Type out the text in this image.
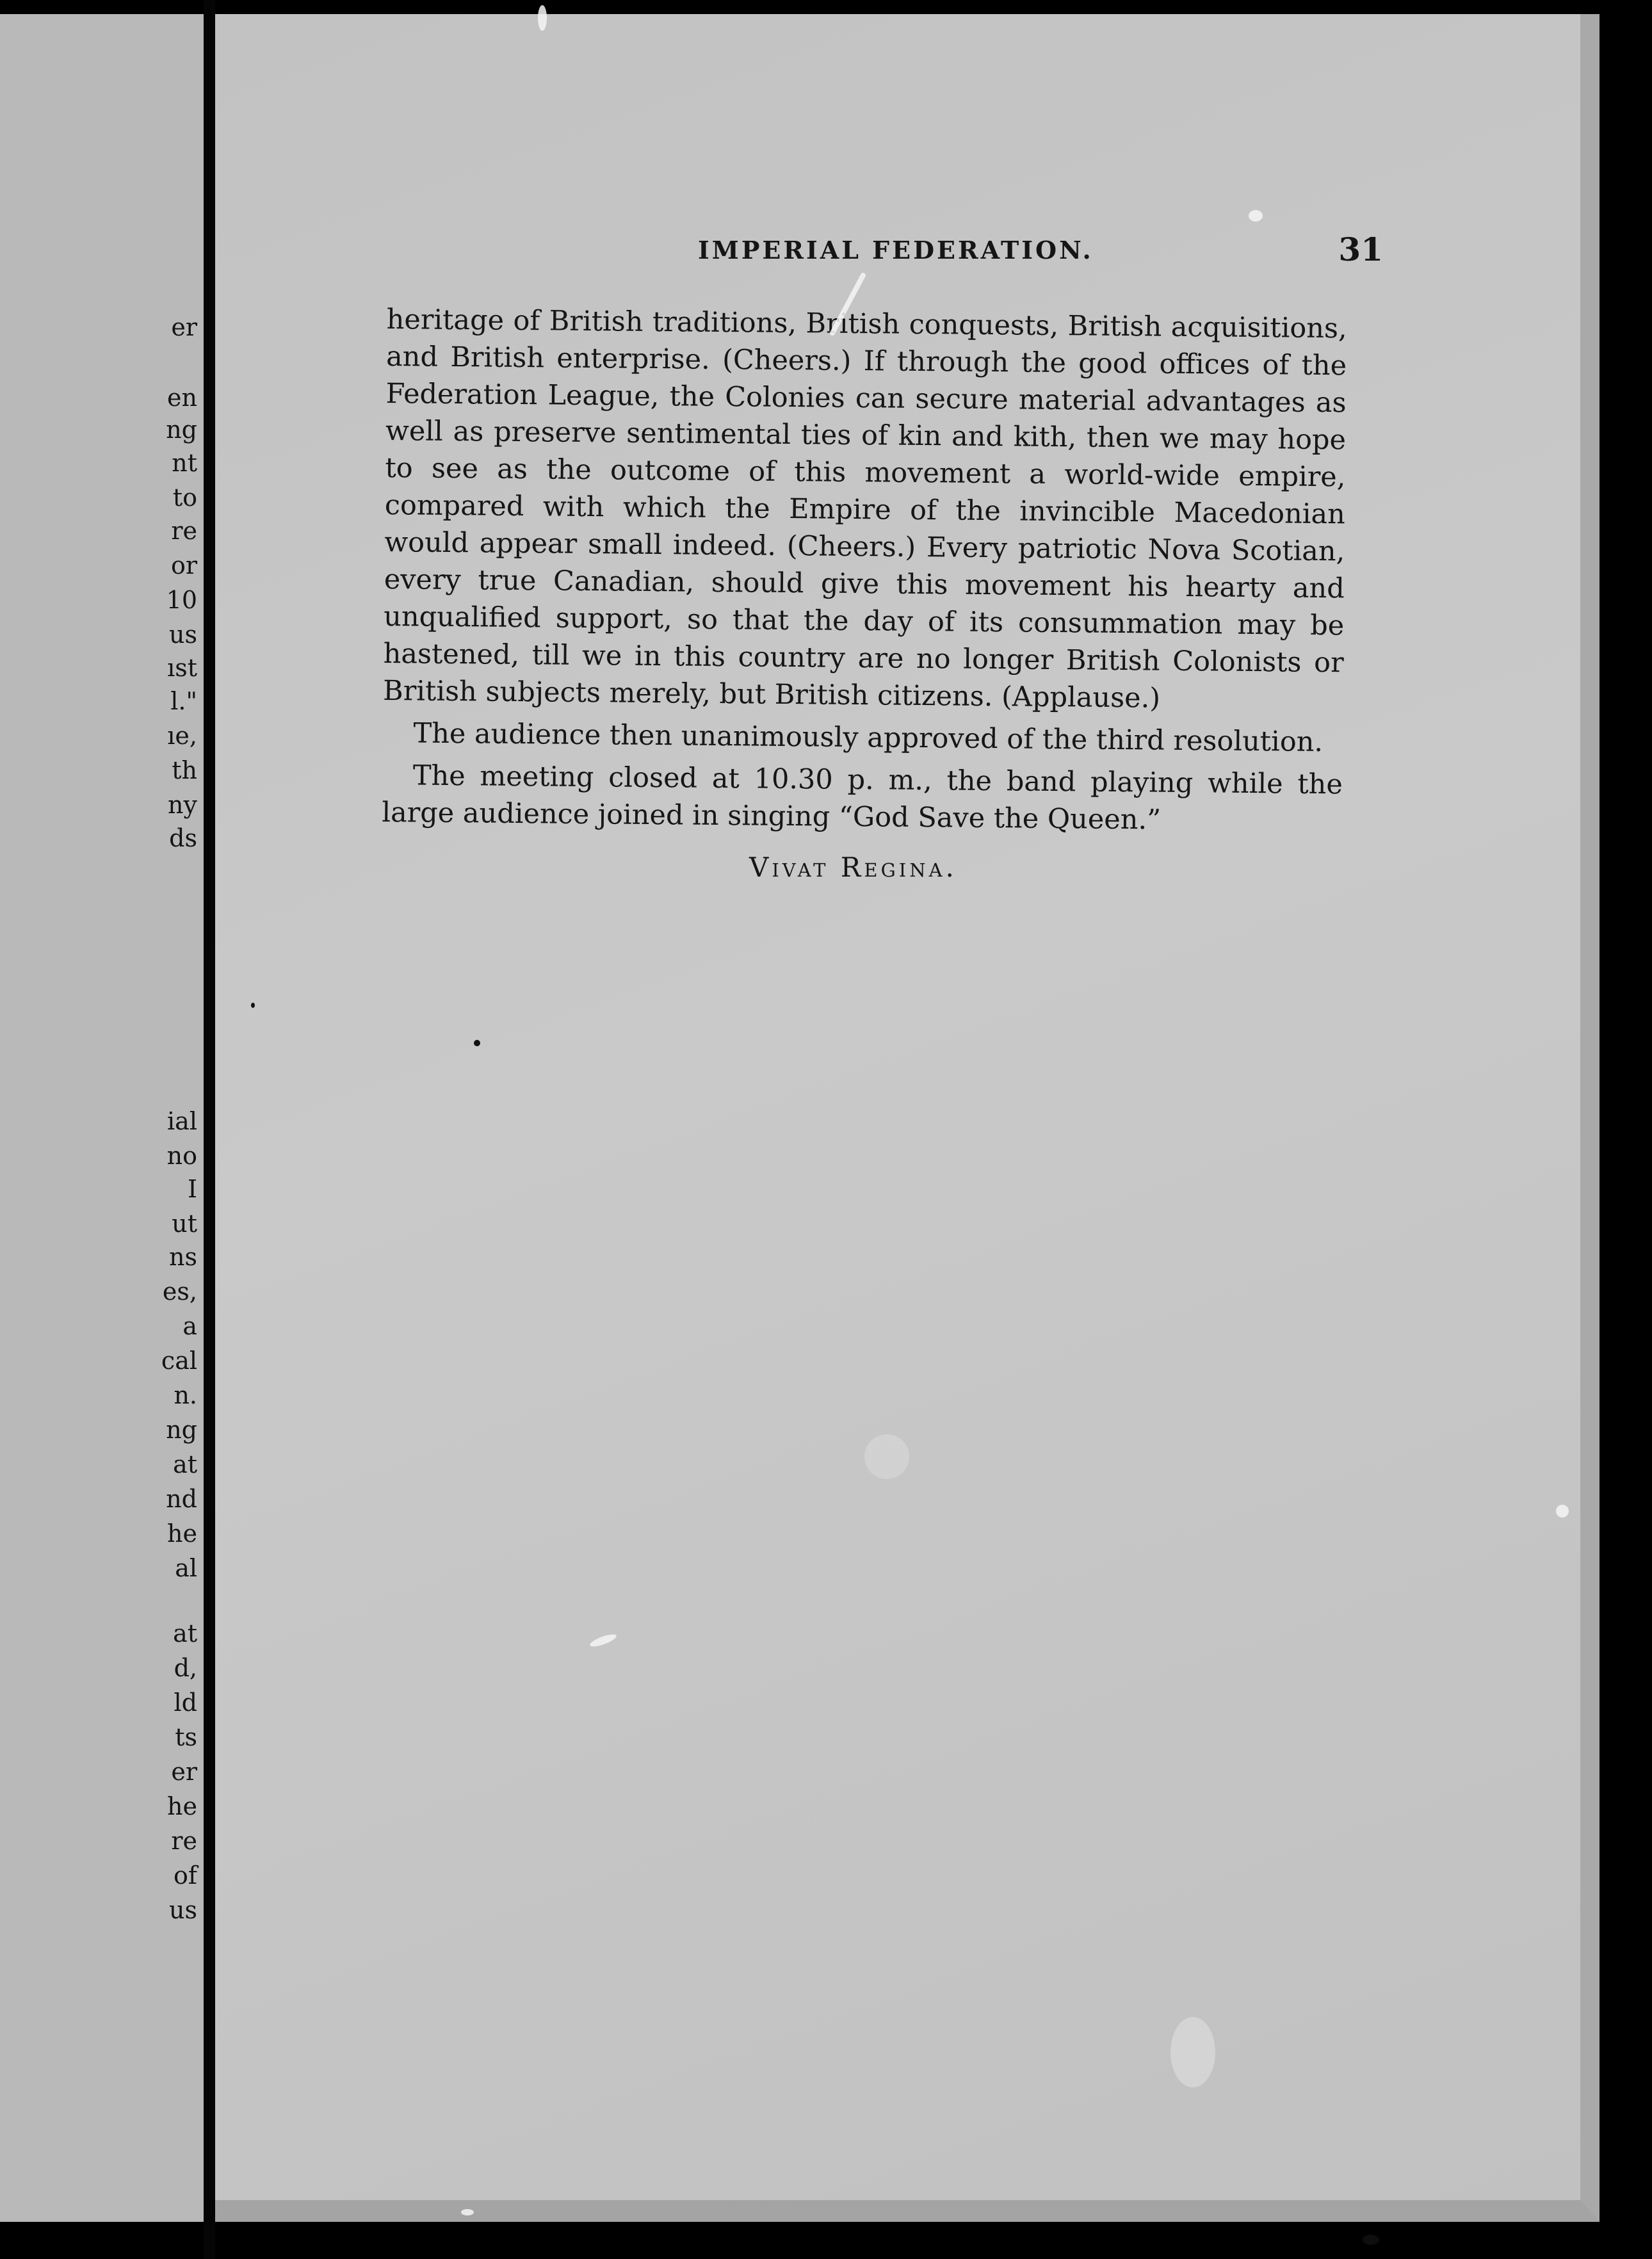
er
en
ng
nt
to
re
or
10
us
ıst
l."
ıe,
th
ny
ds
ial
no
I
ut
ns
es,
a
cal
n.
ng
at
nd
he
al
at
d,
ld
ts
er
he
re
of
us
IMPERIAL FEDERATION.	31

heritage of British traditions, British conquests, British acquisitions, and British enterprise. (Cheers.) If through the good offices of the Federation League, the Colonies can secure material advantages as well as preserve sentimental ties of kin and kith, then we may hope to see as the outcome of this movement a world-wide empire, compared with which the Empire of the invincible Macedonian would appear small indeed. (Cheers.) Every patriotic Nova Scotian, every true Canadian, should give this movement his hearty and unqualified support, so that the day of its consummation may be hastened, till we in this country are no longer British Colonists or British subjects merely, but British citizens. (Applause.)

The audience then unanimously approved of the third resolution.

The meeting closed at 10.30 p. m., the band playing while the large audience joined in singing “God Save the Queen.”

Vivat Regina.
